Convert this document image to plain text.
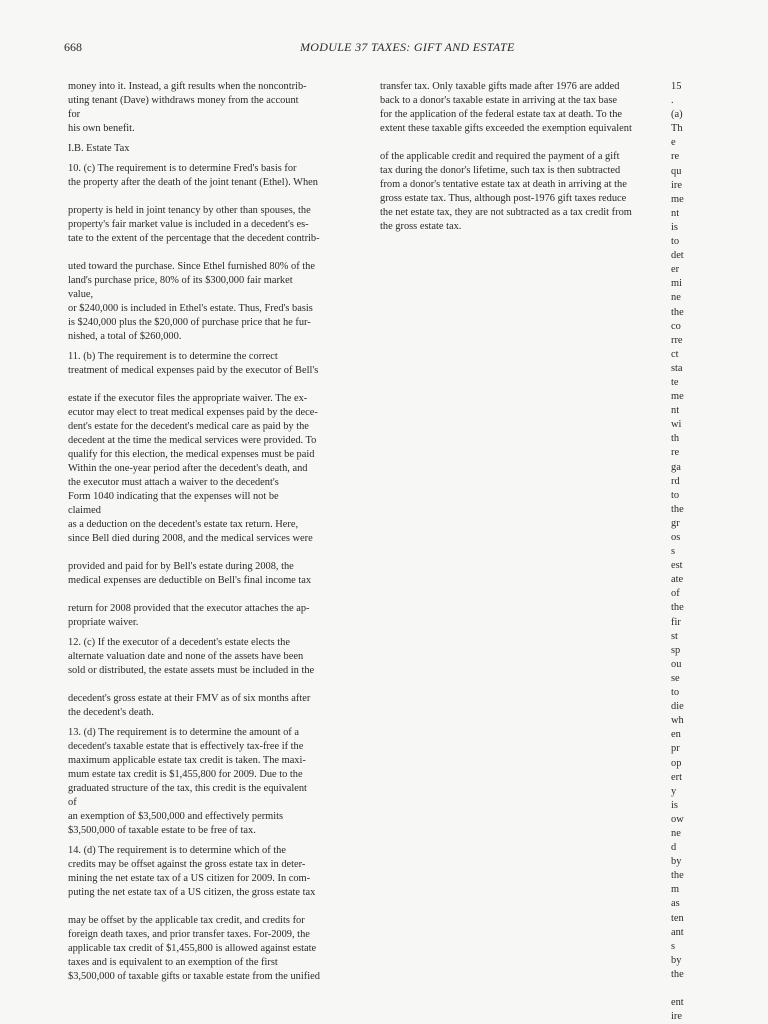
668	MODULE 37 TAXES: GIFT AND ESTATE
money into it. Instead, a gift results when the noncontrib-
uting tenant (Dave) withdraws money from the account
for
his own benefit.
I.B. Estate Tax
10. (c) The requirement is to determine Fred's basis for
the property after the death of the joint tenant (Ethel). When
property is held in joint tenancy by other than spouses, the
property's fair market value is included in a decedent's es-
tate to the extent of the percentage that the decedent contrib-
uted toward the purchase. Since Ethel furnished 80% of the
land's purchase price, 80% of its $300,000 fair market
value,
or $240,000 is included in Ethel's estate. Thus, Fred's basis
is $240,000 plus the $20,000 of purchase price that he fur-
nished, a total of $260,000.
11. (b) The requirement is to determine the correct
treatment of medical expenses paid by the executor of Bell's
estate if the executor files the appropriate waiver. The ex-
ecutor may elect to treat medical expenses paid by the dece-
dent's estate for the decedent's medical care as paid by the
decedent at the time the medical services were provided. To
qualify for this election, the medical expenses must be paid
Within the one-year period after the decedent's death, and
the executor must attach a waiver to the decedent's
Form 1040 indicating that the expenses will not be
claimed
as a deduction on the decedent's estate tax return. Here,
since Bell died during 2008, and the medical services were
provided and paid for by Bell's estate during 2008, the
medical expenses are deductible on Bell's final income tax
return for 2008 provided that the executor attaches the ap-
propriate waiver.
12. (c) If the executor of a decedent's estate elects the
alternate valuation date and none of the assets have been
sold or distributed, the estate assets must be included in the
decedent's gross estate at their FMV as of six months after
the decedent's death.
13. (d) The requirement is to determine the amount of a
decedent's taxable estate that is effectively tax-free if the
maximum applicable estate tax credit is taken. The maxi-
mum estate tax credit is $1,455,800 for 2009. Due to the
graduated structure of the tax, this credit is the equivalent
of
an exemption of $3,500,000 and effectively permits
$3,500,000 of taxable estate to be free of tax.
14. (d) The requirement is to determine which of the
credits may be offset against the gross estate tax in deter-
mining the net estate tax of a US citizen for 2009. In com-
puting the net estate tax of a US citizen, the gross estate tax
may be offset by the applicable tax credit, and credits for
foreign death taxes, and prior transfer taxes. For-2009, the
applicable tax credit of $1,455,800 is allowed against estate
taxes and is equivalent to an exemption of the first
$3,500,000 of taxable gifts or taxable estate from the unified
transfer tax. Only taxable gifts made after 1976 are added
back to a donor's taxable estate in arriving at the tax base
for the application of the federal estate tax at death. To the
extent these taxable gifts exceeded the exemption equivalent
of the applicable credit and required the payment of a gift
tax during the donor's lifetime, such tax is then subtracted
from a donor's tentative estate tax at death in arriving at the
gross estate tax. Thus, although post-1976 gift taxes reduce
the net estate tax, they are not subtracted as a tax credit from
the gross estate tax.
15
.
(a)
Th
e
re
qu
ire
me
nt
is
to
det
er
mi
ne
the
co
rre
ct
sta
te
me
nt
wi
th
re
ga
rd
to
the
gr
os
s
est
ate
of
the
fir
st
sp
ou
se
to
die
wh
en
pr
op
ert
y
is
ow
ne
d
by
the
m
as
ten
ant
s
by
the

ent
ire
